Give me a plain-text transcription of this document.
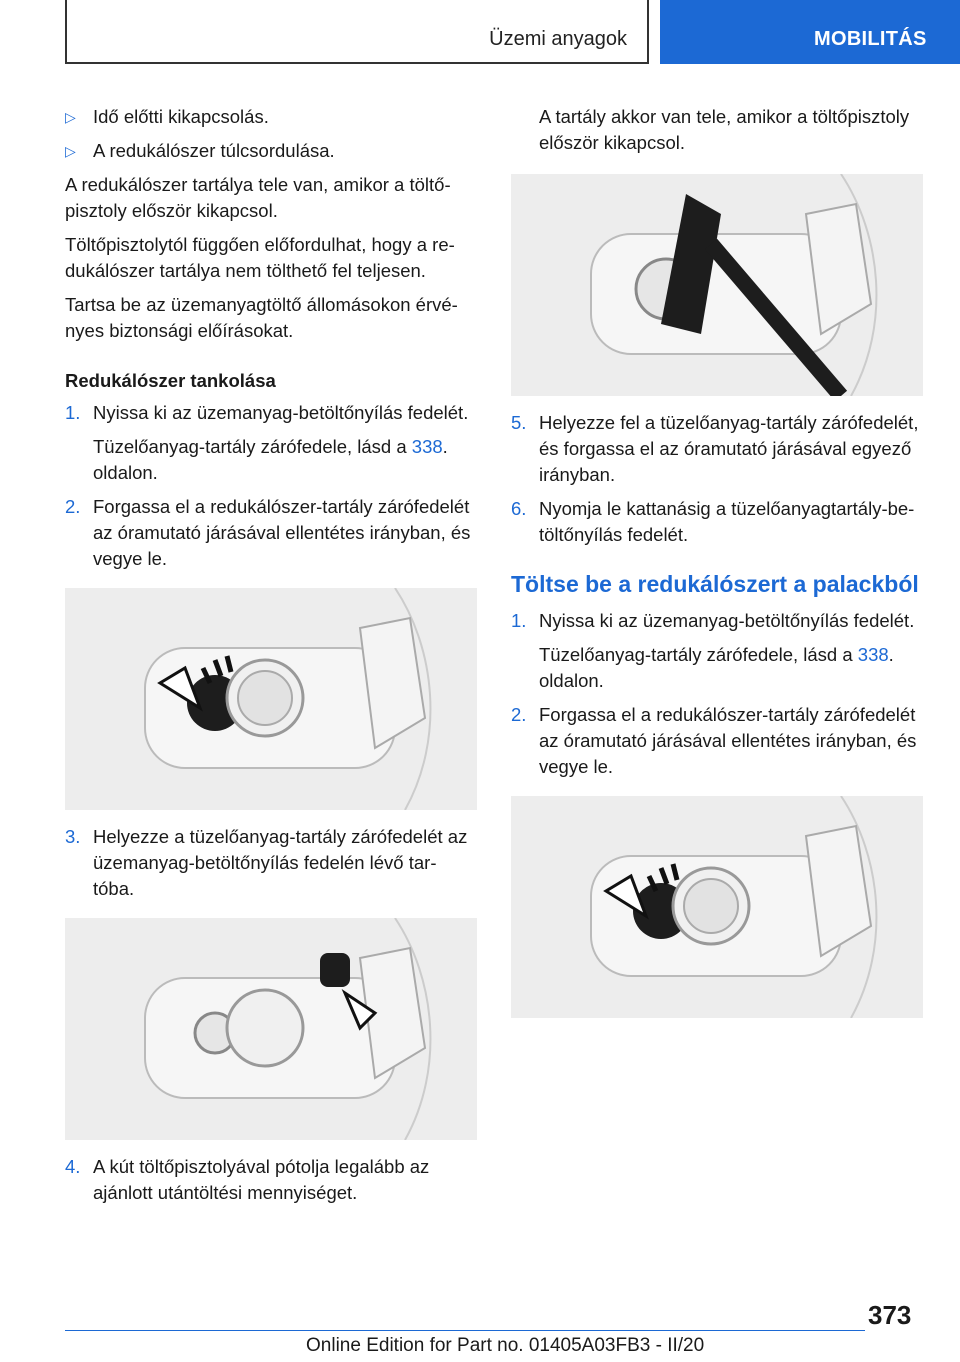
Üzemi anyagok	MOBILITÁS
▷ Idő előtti kikapcsolás.
▷ A redukálószer túlcsordulása.

A redukálószer tartálya tele van, amikor a töltő-pisztoly először kikapcsol.

Töltőpisztolytól függően előfordulhat, hogy a re-dukálószer tartálya nem tölthető fel teljesen.

Tartsa be az üzemanyagtöltő állomásokon érvé-nyes biztonsági előírásokat.

Redukálószer tankolása
1. Nyissa ki az üzemanyag-betöltőnyílás fedelét.
Tüzelőanyag-tartály zárófedele, lásd a 338. oldalon.
2. Forgassa el a redukálószer-tartály zárófedelét az óramutató járásával ellentétes irányban, és vegye le.
3. Helyezze a tüzelőanyag-tartály zárófedelét az üzemanyag-betöltőnyílás fedelén lévő tar-tóba.
4. A kút töltőpisztolyával pótolja legalább az ajánlott utántöltési mennyiséget.
A tartály akkor van tele, amikor a töltőpisztoly először kikapcsol.
5. Helyezze fel a tüzelőanyag-tartály zárófedelét, és forgassa el az óramutató járásával egyező irányban.
6. Nyomja le kattanásig a tüzelőanyagtartály-be-töltőnyílás fedelét.
Töltse be a redukálószert a palackból
1. Nyissa ki az üzemanyag-betöltőnyílás fedelét.
Tüzelőanyag-tartály zárófedele, lásd a 338. oldalon.
2. Forgassa el a redukálószer-tartály zárófedelét az óramutató járásával ellentétes irányban, és vegye le.
373
Online Edition for Part no. 01405A03FB3 - II/20
